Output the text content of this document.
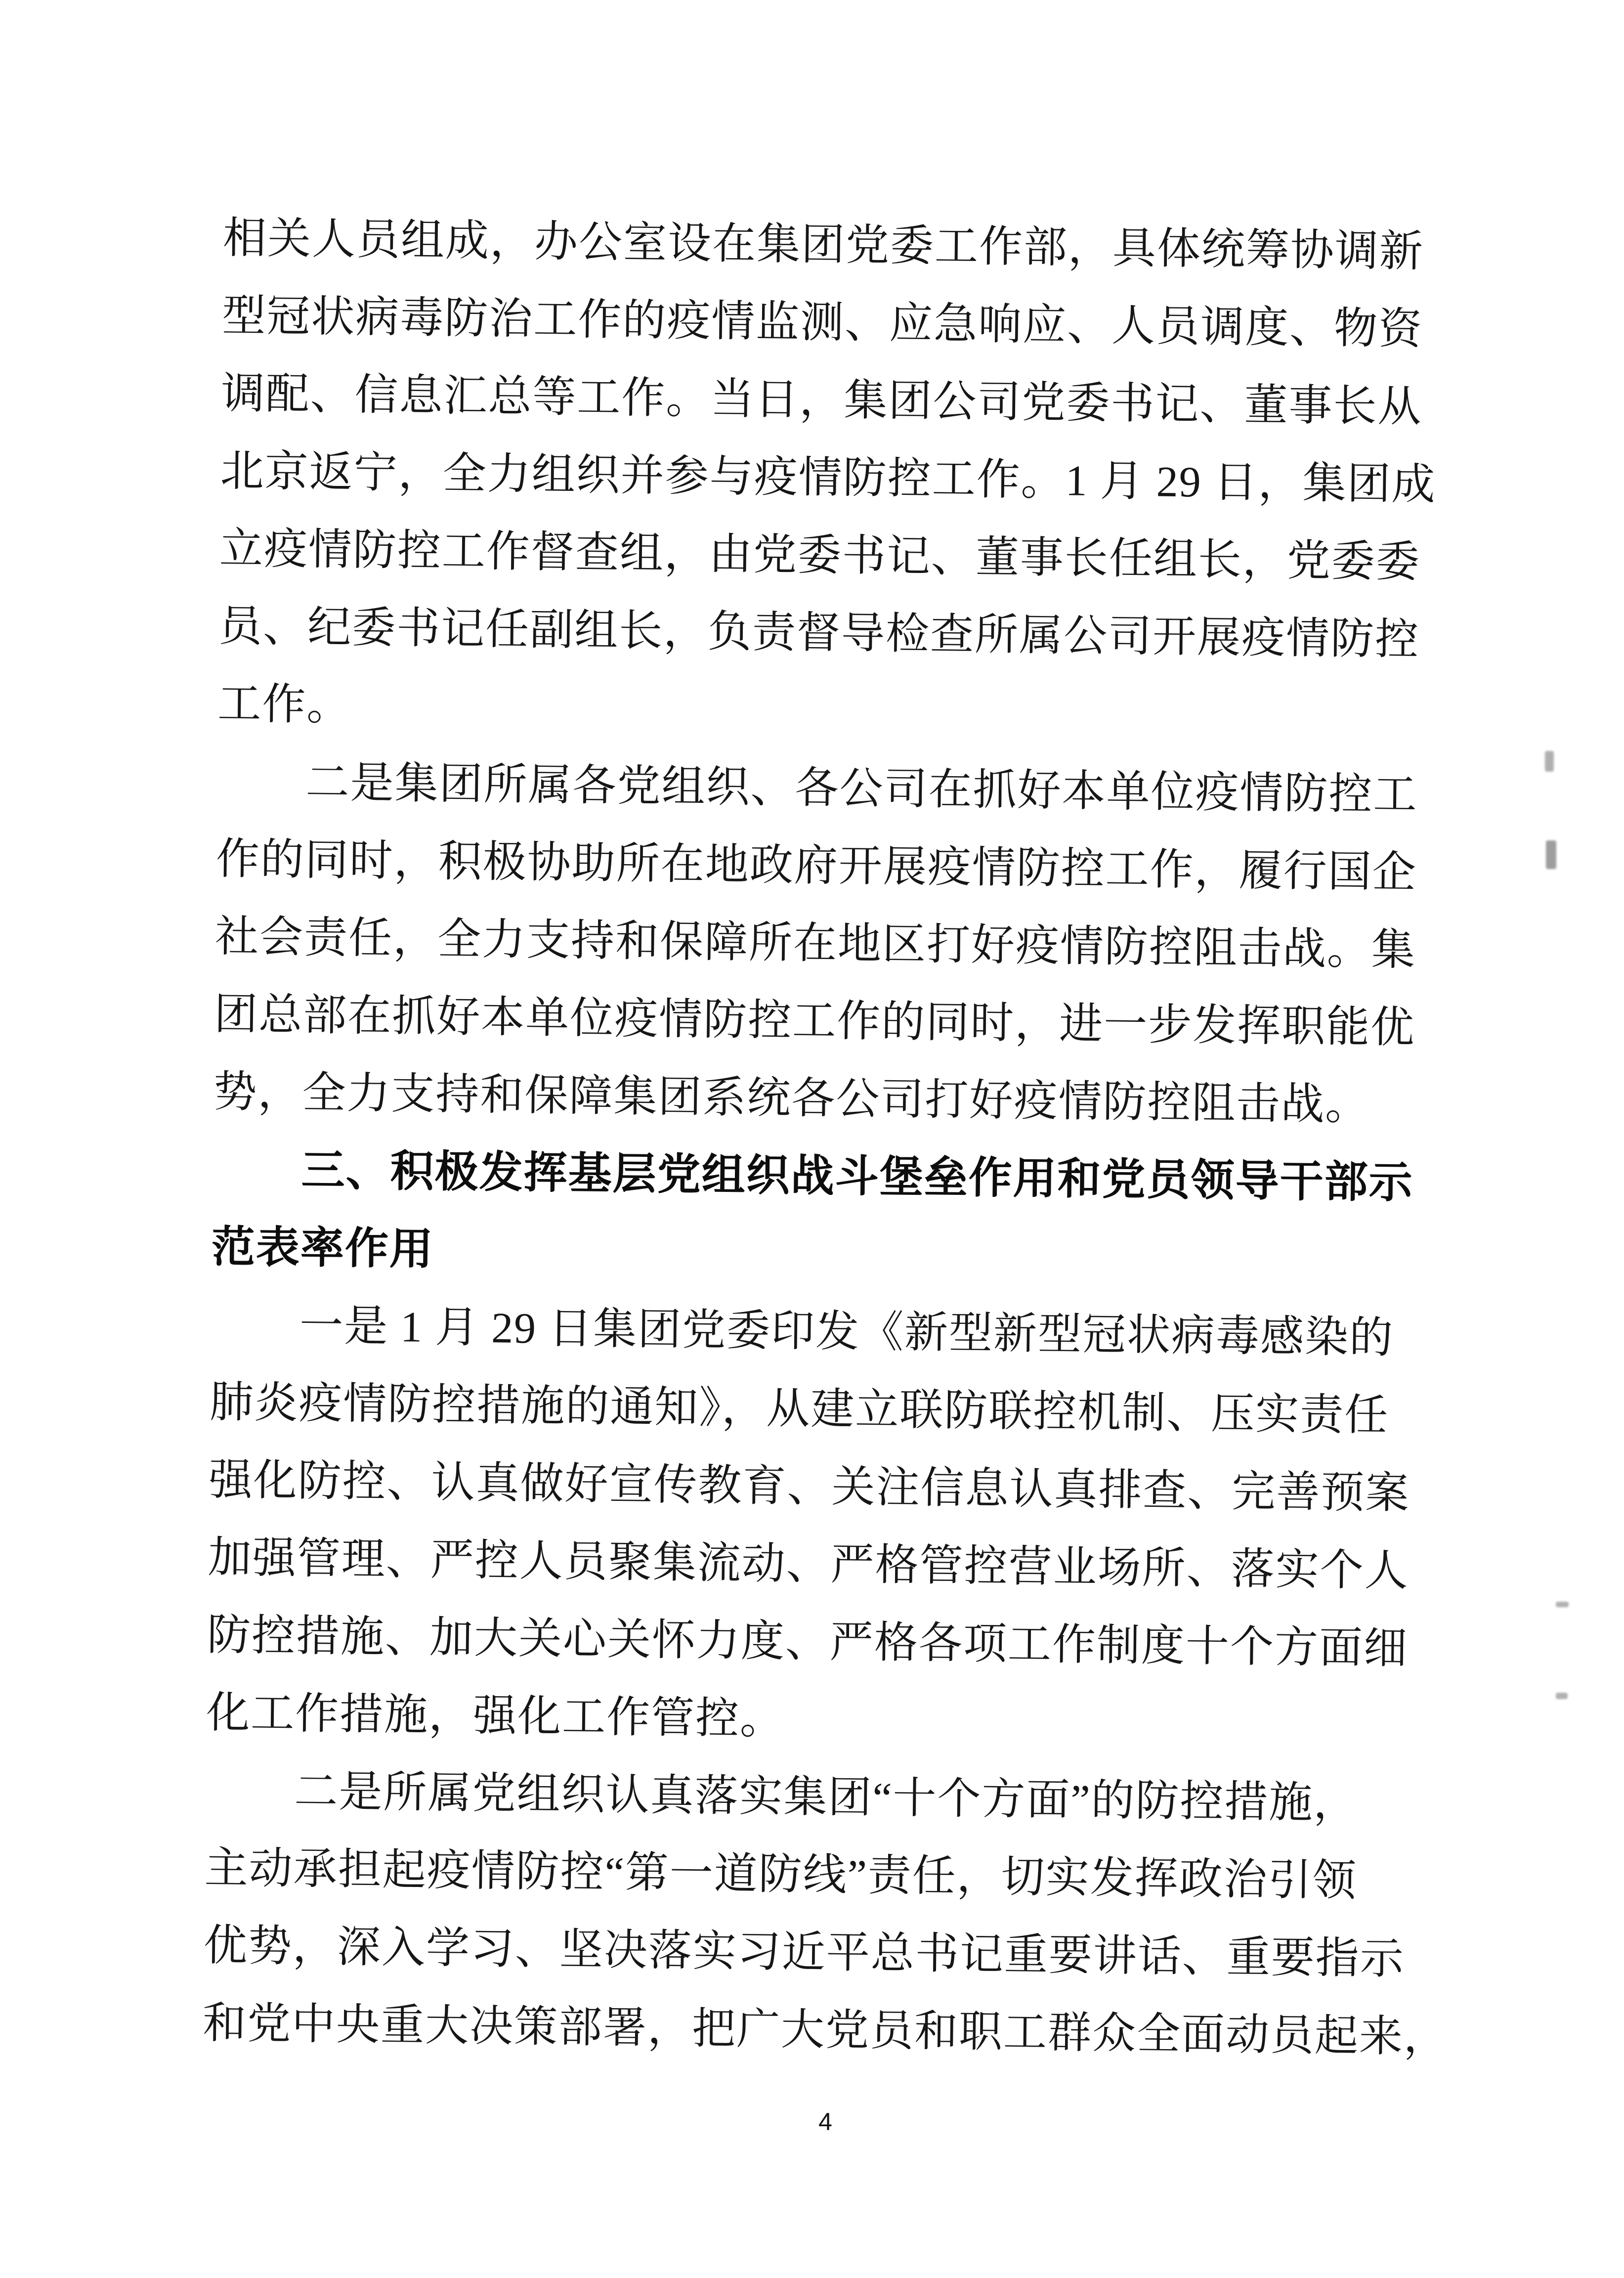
相关人员组成，办公室设在集团党委工作部，具体统筹协调新
型冠状病毒防治工作的疫情监测、应急响应、人员调度、物资
调配、信息汇总等工作。当日，集团公司党委书记、董事长从
北京返宁，全力组织并参与疫情防控工作。1 月 29 日，集团成
立疫情防控工作督查组，由党委书记、董事长任组长，党委委
员、纪委书记任副组长，负责督导检查所属公司开展疫情防控
工作。
二是集团所属各党组织、各公司在抓好本单位疫情防控工
作的同时，积极协助所在地政府开展疫情防控工作，履行国企
社会责任，全力支持和保障所在地区打好疫情防控阻击战。集
团总部在抓好本单位疫情防控工作的同时，进一步发挥职能优
势，全力支持和保障集团系统各公司打好疫情防控阻击战。
三、积极发挥基层党组织战斗堡垒作用和党员领导干部示
范表率作用
一是 1 月 29 日集团党委印发《新型新型冠状病毒感染的
肺炎疫情防控措施的通知》，从建立联防联控机制、压实责任
强化防控、认真做好宣传教育、关注信息认真排查、完善预案
加强管理、严控人员聚集流动、严格管控营业场所、落实个人
防控措施、加大关心关怀力度、严格各项工作制度十个方面细
化工作措施，强化工作管控。
二是所属党组织认真落实集团“十个方面”的防控措施，
主动承担起疫情防控“第一道防线”责任，切实发挥政治引领
优势，深入学习、坚决落实习近平总书记重要讲话、重要指示
和党中央重大决策部署，把广大党员和职工群众全面动员起来，
4
